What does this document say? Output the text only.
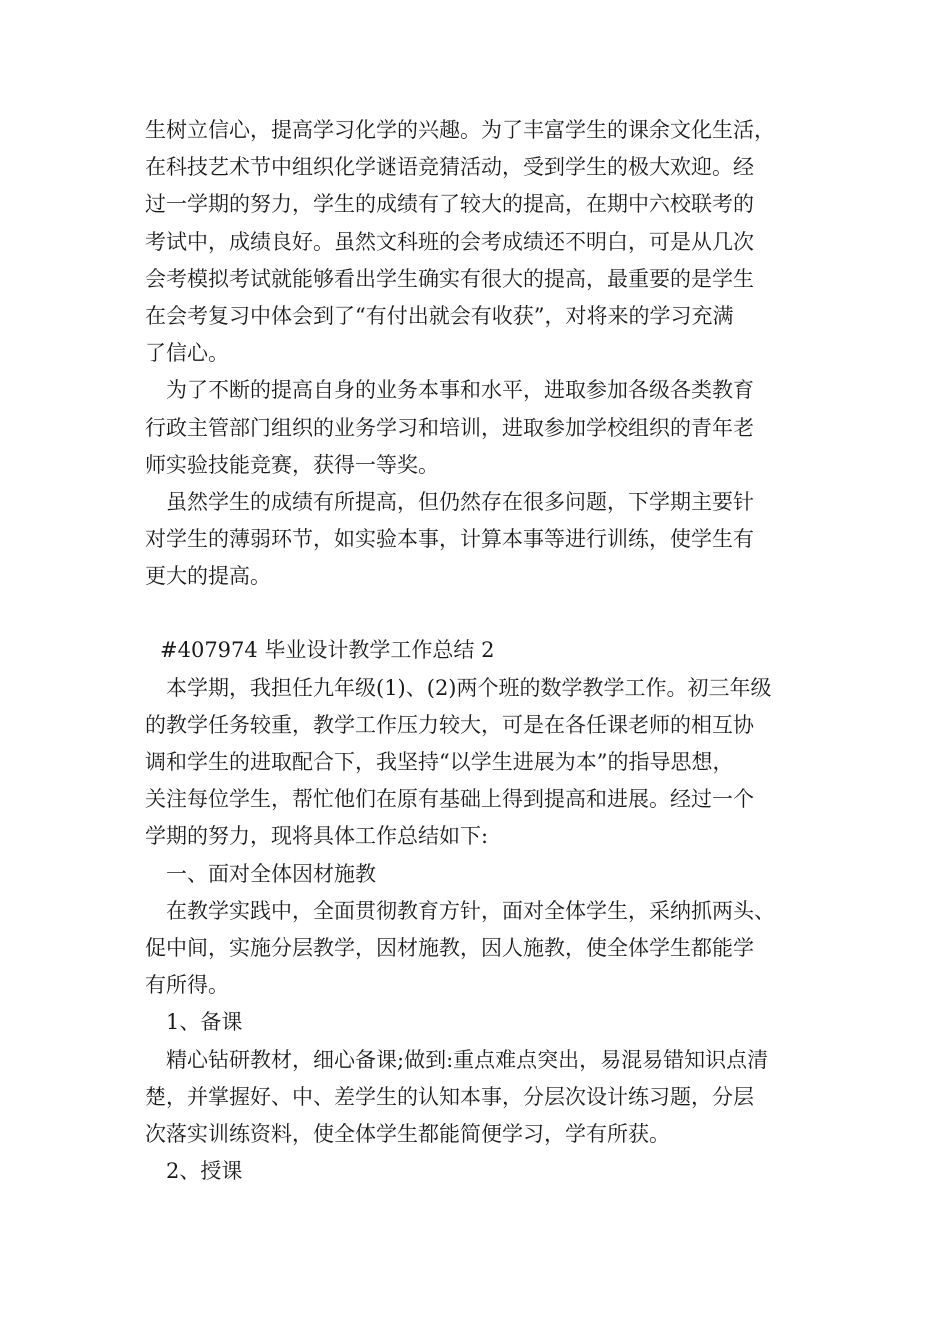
生树立信心，提高学习化学的兴趣。为了丰富学生的课余文化生活，
在科技艺术节中组织化学谜语竞猜活动，受到学生的极大欢迎。经
过一学期的努力，学生的成绩有了较大的提高，在期中六校联考的
考试中，成绩良好。虽然文科班的会考成绩还不明白，可是从几次
会考模拟考试就能够看出学生确实有很大的提高，最重要的是学生
在会考复习中体会到了“有付出就会有收获”，对将来的学习充满
了信心。
为了不断的提高自身的业务本事和水平，进取参加各级各类教育
行政主管部门组织的业务学习和培训，进取参加学校组织的青年老
师实验技能竞赛，获得一等奖。
虽然学生的成绩有所提高，但仍然存在很多问题，下学期主要针
对学生的薄弱环节，如实验本事，计算本事等进行训练，使学生有
更大的提高。
#407974 毕业设计教学工作总结 2
本学期，我担任九年级(1)、(2)两个班的数学教学工作。初三年级
的教学任务较重，教学工作压力较大，可是在各任课老师的相互协
调和学生的进取配合下，我坚持“以学生进展为本”的指导思想，
关注每位学生，帮忙他们在原有基础上得到提高和进展。经过一个
学期的努力，现将具体工作总结如下:
一、面对全体因材施教
在教学实践中，全面贯彻教育方针，面对全体学生，采纳抓两头、
促中间，实施分层教学，因材施教，因人施教，使全体学生都能学
有所得。
1、备课
精心钻研教材，细心备课;做到:重点难点突出，易混易错知识点清
楚，并掌握好、中、差学生的认知本事，分层次设计练习题，分层
次落实训练资料，使全体学生都能简便学习，学有所获。
2、授课
